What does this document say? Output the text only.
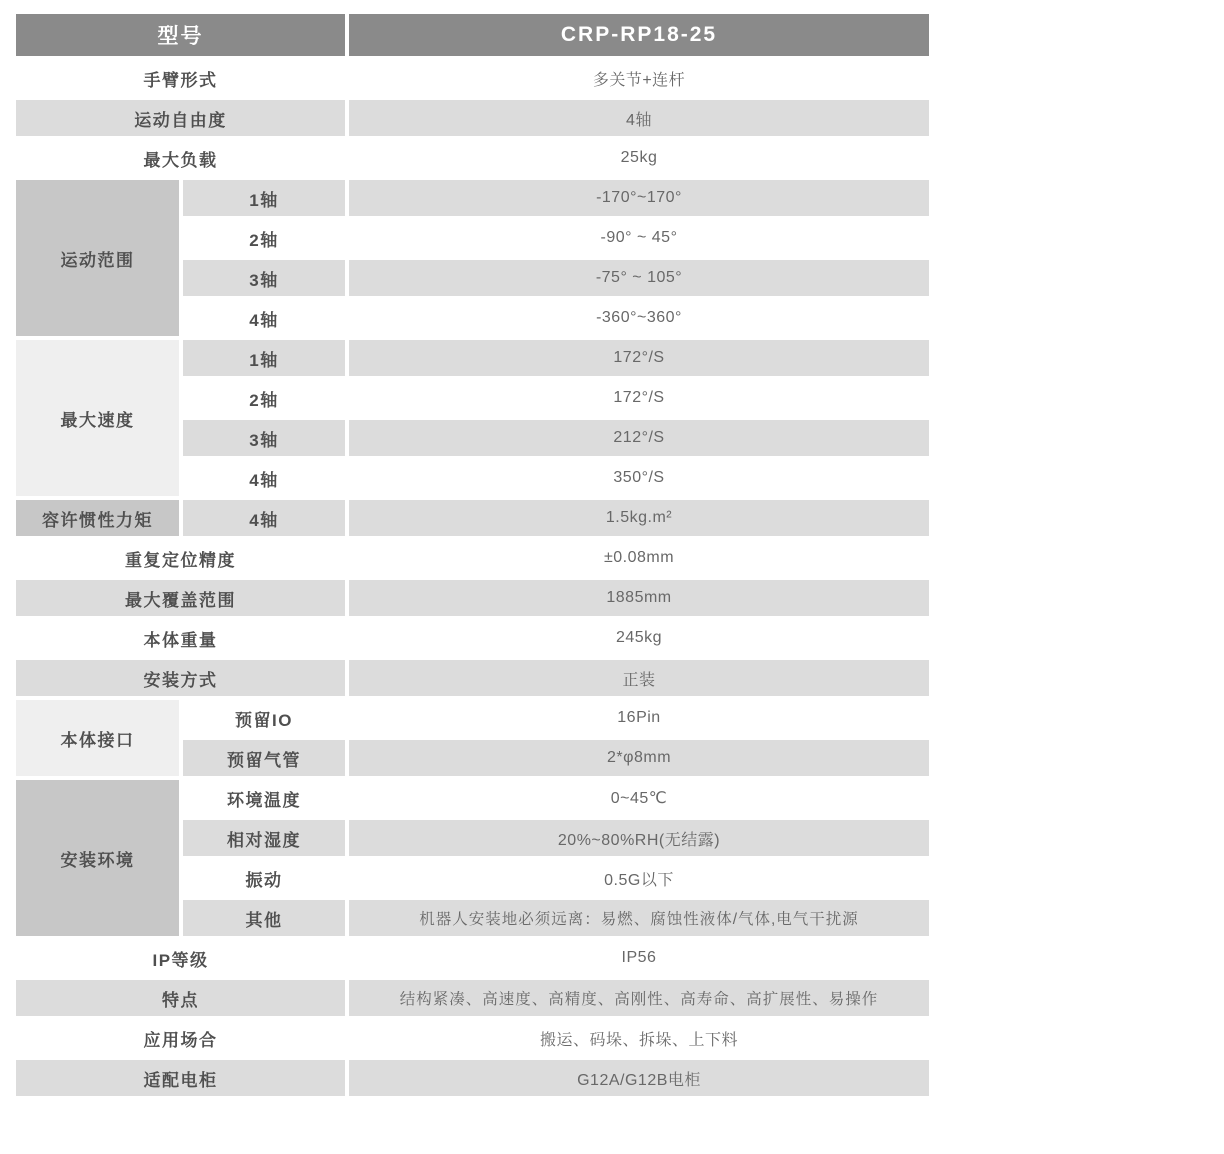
型号	CRP-RP18-25
手臂形式	多关节+连杆
运动自由度	4轴
最大负载	25kg
运动范围
1轴	-170°~170°
2轴	-90° ~ 45°
3轴	-75° ~ 105°
4轴	-360°~360°
最大速度
1轴	172°/S
2轴	172°/S
3轴	212°/S
4轴	350°/S
容许惯性力矩	4轴	1.5kg.m²
重复定位精度	±0.08mm
最大覆盖范围	1885mm
本体重量	245kg
安装方式	正装
本体接口
预留IO	16Pin
预留气管	2*φ8mm
安装环境
环境温度	0~45℃
相对湿度	20%~80%RH(无结露)
振动	0.5G以下
其他	机器人安装地必须远离：易燃、腐蚀性液体/气体,电气干扰源
IP等级	IP56
特点	结构紧凑、高速度、高精度、高刚性、高寿命、高扩展性、易操作
应用场合	搬运、码垛、拆垛、上下料
适配电柜	G12A/G12B电柜
